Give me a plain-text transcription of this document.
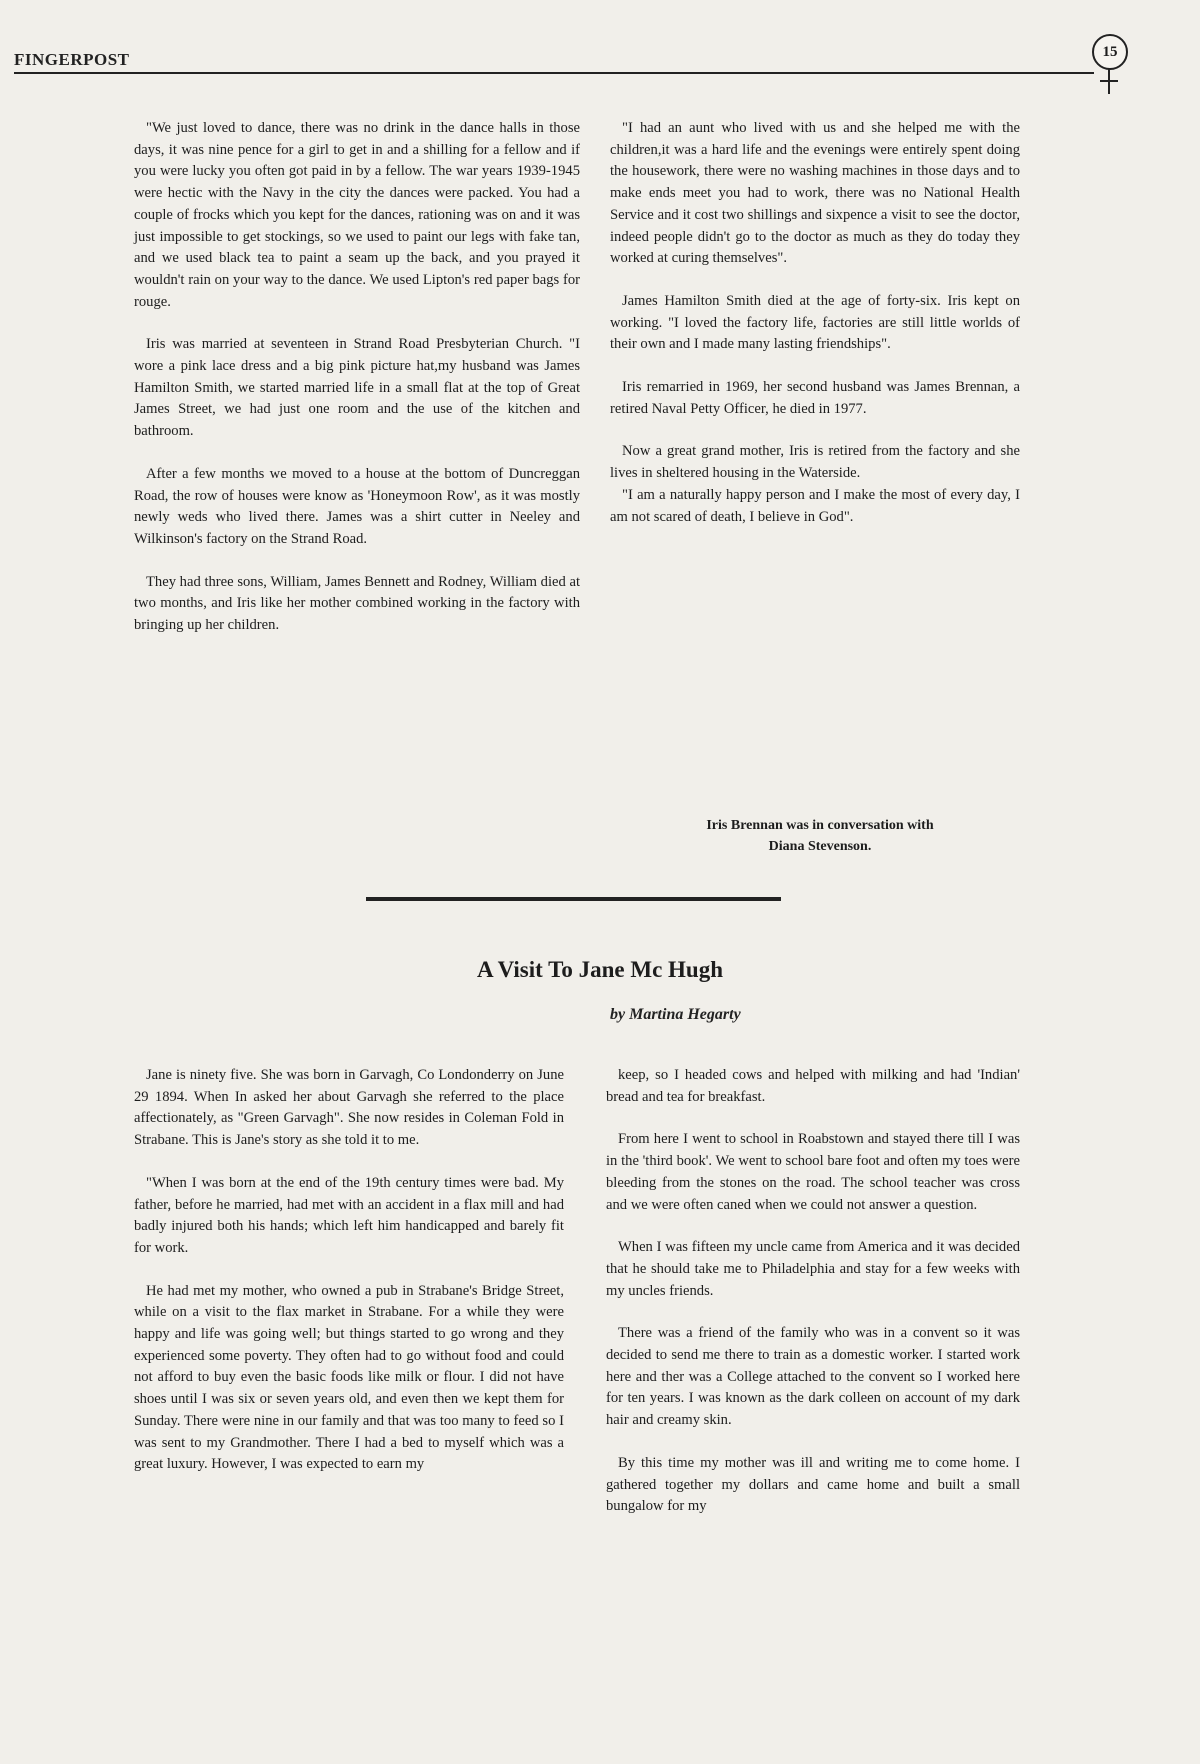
FINGERPOST	15

"We just loved to dance, there was no drink in the dance halls in those days, it was nine pence for a girl to get in and a shilling for a fellow and if you were lucky you often got paid in by a fellow. The war years 1939-1945 were hectic with the Navy in the city the dances were packed. You had a couple of frocks which you kept for the dances, rationing was on and it was just impossible to get stockings, so we used to paint our legs with fake tan, and we used black tea to paint a seam up the back, and you prayed it wouldn't rain on your way to the dance. We used Lipton's red paper bags for rouge.

Iris was married at seventeen in Strand Road Presbyterian Church. "I wore a pink lace dress and a big pink picture hat,my husband was James Hamilton Smith, we started married life in a small flat at the top of Great James Street, we had just one room and the use of the kitchen and bathroom.

After a few months we moved to a house at the bottom of Duncreggan Road, the row of houses were know as 'Honeymoon Row', as it was mostly newly weds who lived there. James was a shirt cutter in Neeley and Wilkinson's factory on the Strand Road.

They had three sons, William, James Bennett and Rodney, William died at two months, and Iris like her mother combined working in the factory with bringing up her children.

"I had an aunt who lived with us and she helped me with the children,it was a hard life and the evenings were entirely spent doing the housework, there were no washing machines in those days and to make ends meet you had to work, there was no National Health Service and it cost two shillings and sixpence a visit to see the doctor, indeed people didn't go to the doctor as much as they do today they worked at curing themselves".

James Hamilton Smith died at the age of forty-six. Iris kept on working. "I loved the factory life, factories are still little worlds of their own and I made many lasting friendships".

Iris remarried in 1969, her second husband was James Brennan, a retired Naval Petty Officer, he died in 1977.

Now a great grand mother, Iris is retired from the factory and she lives in sheltered housing in the Waterside.

"I am a naturally happy person and I make the most of every day, I am not scared of death, I believe in God".

Iris Brennan was in conversation with
Diana Stevenson.
A Visit To Jane Mc Hugh
by Martina Hegarty

Jane is ninety five. She was born in Garvagh, Co Londonderry on June 29 1894. When In asked her about Garvagh she referred to the place affectionately, as "Green Garvagh". She now resides in Coleman Fold in Strabane. This is Jane's story as she told it to me.

"When I was born at the end of the 19th century times were bad. My father, before he married, had met with an accident in a flax mill and had badly injured both his hands; which left him handicapped and barely fit for work.

He had met my mother, who owned a pub in Strabane's Bridge Street, while on a visit to the flax market in Strabane. For a while they were happy and life was going well; but things started to go wrong and they experienced some poverty. They often had to go without food and could not afford to buy even the basic foods like milk or flour. I did not have shoes until I was six or seven years old, and even then we kept them for Sunday. There were nine in our family and that was too many to feed so I was sent to my Grandmother. There I had a bed to myself which was a great luxury. However, I was expected to earn my

keep, so I headed cows and helped with milking and had 'Indian' bread and tea for breakfast.

From here I went to school in Roabstown and stayed there till I was in the 'third book'. We went to school bare foot and often my toes were bleeding from the stones on the road. The school teacher was cross and we were often caned when we could not answer a question.

When I was fifteen my uncle came from America and it was decided that he should take me to Philadelphia and stay for a few weeks with my uncles friends.

There was a friend of the family who was in a convent so it was decided to send me there to train as a domestic worker. I started work here and ther was a College attached to the convent so I worked here for ten years. I was known as the dark colleen on account of my dark hair and creamy skin.

By this time my mother was ill and writing me to come home. I gathered together my dollars and came home and built a small bungalow for my
